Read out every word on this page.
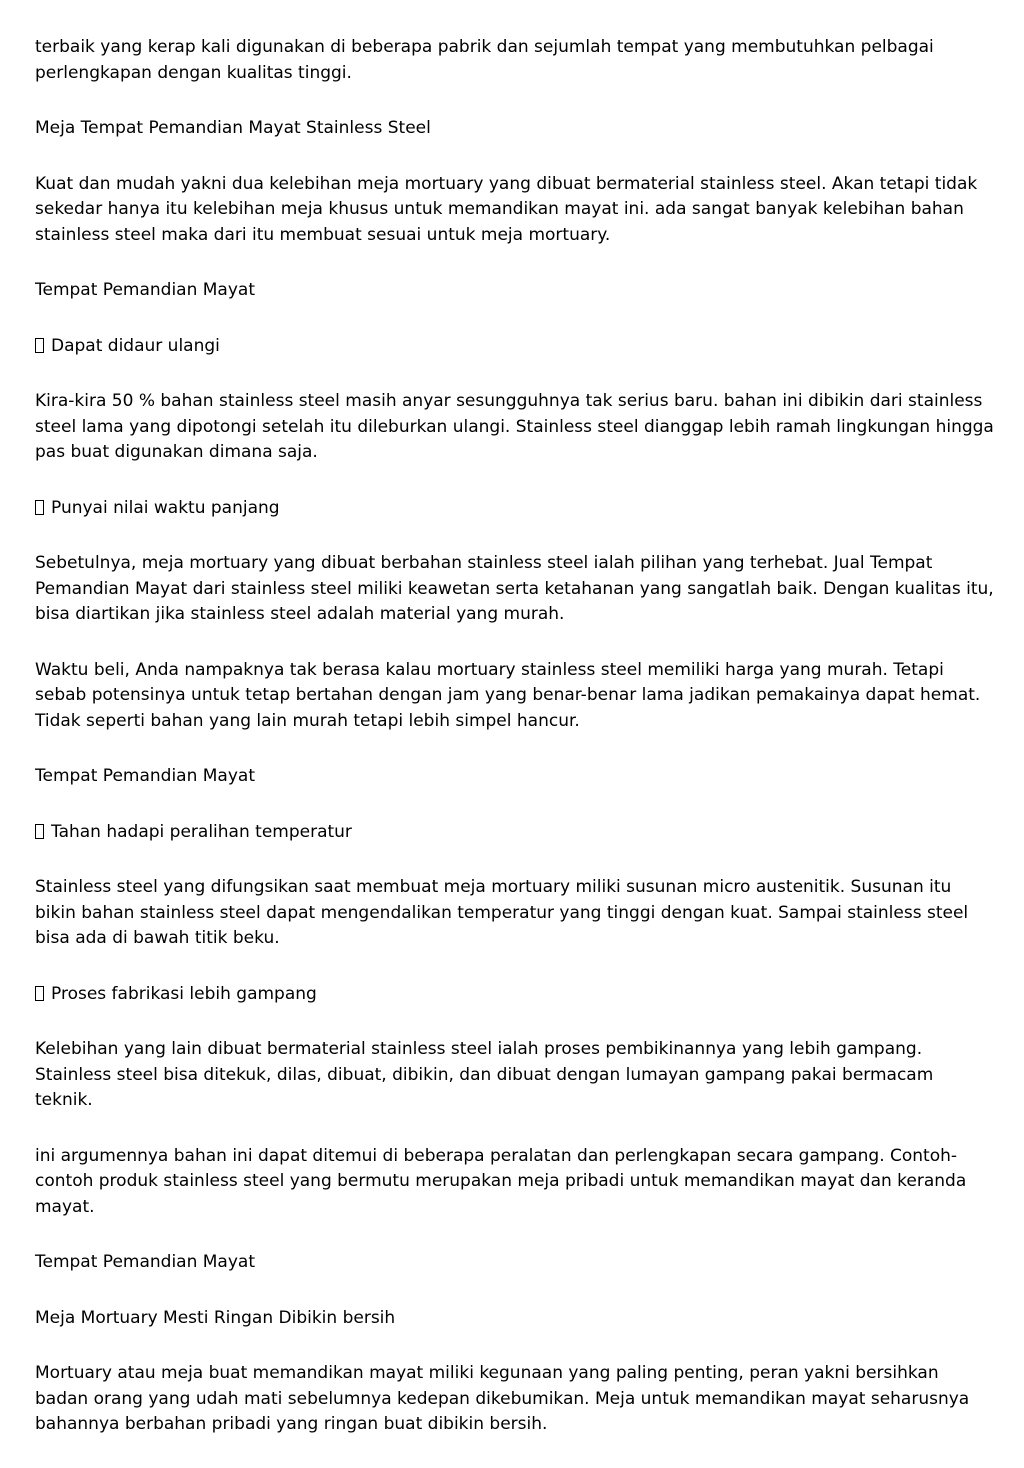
terbaik yang kerap kali digunakan di beberapa pabrik dan sejumlah tempat yang membutuhkan pelbagai perlengkapan dengan kualitas tinggi.

Meja Tempat Pemandian Mayat Stainless Steel

Kuat dan mudah yakni dua kelebihan meja mortuary yang dibuat bermaterial stainless steel. Akan tetapi tidak sekedar hanya itu kelebihan meja khusus untuk memandikan mayat ini. ada sangat banyak kelebihan bahan stainless steel maka dari itu membuat sesuai untuk meja mortuary.

Tempat Pemandian Mayat

Dapat didaur ulangi

Kira-kira 50 % bahan stainless steel masih anyar sesungguhnya tak serius baru. bahan ini dibikin dari stainless steel lama yang dipotongi setelah itu dileburkan ulangi. Stainless steel dianggap lebih ramah lingkungan hingga pas buat digunakan dimana saja.

Punyai nilai waktu panjang

Sebetulnya, meja mortuary yang dibuat berbahan stainless steel ialah pilihan yang terhebat. Jual Tempat Pemandian Mayat dari stainless steel miliki keawetan serta ketahanan yang sangatlah baik. Dengan kualitas itu, bisa diartikan jika stainless steel adalah material yang murah.

Waktu beli, Anda nampaknya tak berasa kalau mortuary stainless steel memiliki harga yang murah. Tetapi sebab potensinya untuk tetap bertahan dengan jam yang benar-benar lama jadikan pemakainya dapat hemat. Tidak seperti bahan yang lain murah tetapi lebih simpel hancur.

Tempat Pemandian Mayat

Tahan hadapi peralihan temperatur

Stainless steel yang difungsikan saat membuat meja mortuary miliki susunan micro austenitik. Susunan itu bikin bahan stainless steel dapat mengendalikan temperatur yang tinggi dengan kuat. Sampai stainless steel bisa ada di bawah titik beku.

Proses fabrikasi lebih gampang

Kelebihan yang lain dibuat bermaterial stainless steel ialah proses pembikinannya yang lebih gampang. Stainless steel bisa ditekuk, dilas, dibuat, dibikin, dan dibuat dengan lumayan gampang pakai bermacam teknik.

ini argumennya bahan ini dapat ditemui di beberapa peralatan dan perlengkapan secara gampang. Contoh-contoh produk stainless steel yang bermutu merupakan meja pribadi untuk memandikan mayat dan keranda mayat.

Tempat Pemandian Mayat

Meja Mortuary Mesti Ringan Dibikin bersih

Mortuary atau meja buat memandikan mayat miliki kegunaan yang paling penting, peran yakni bersihkan badan orang yang udah mati sebelumnya kedepan dikebumikan. Meja untuk memandikan mayat seharusnya bahannya berbahan pribadi yang ringan buat dibikin bersih.
